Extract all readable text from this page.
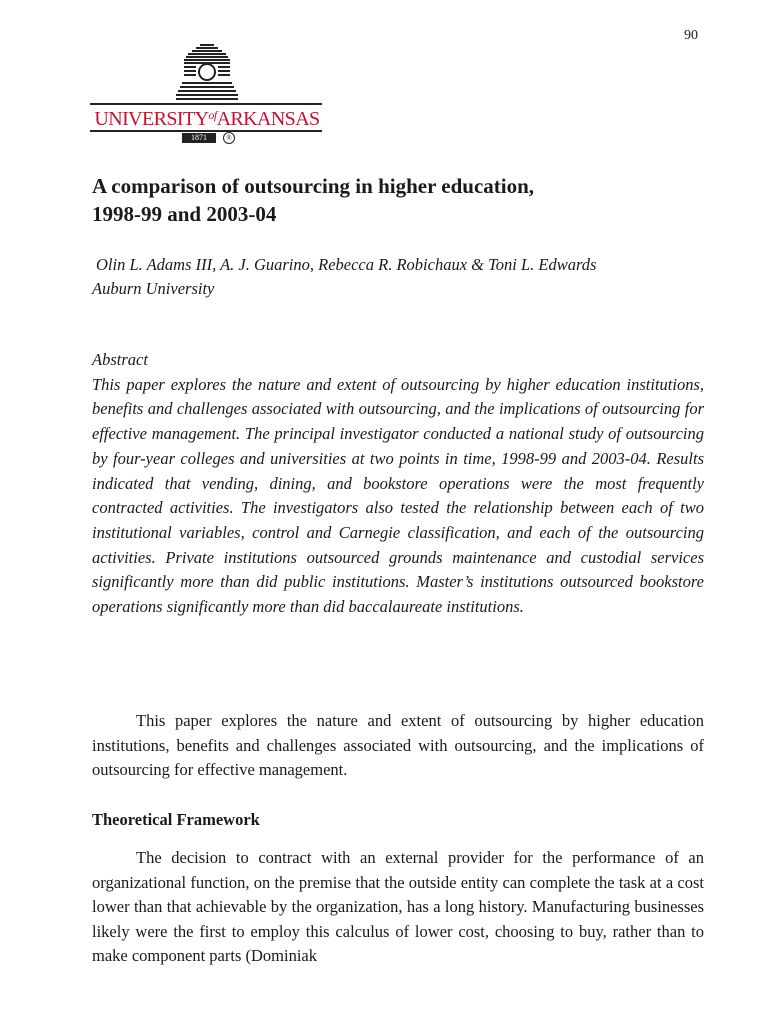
90
$UNIVERSITY^{of}ARKANSAS$
1871	®
A comparison of outsourcing in higher education,
1998-99 and 2003-04
Olin L. Adams III, A. J. Guarino, Rebecca R. Robichaux & Toni L. Edwards
Auburn University
Abstract
This paper explores the nature and extent of outsourcing by higher education institutions, benefits and challenges associated with outsourcing, and the implications of outsourcing for effective management. The principal investigator conducted a national study of outsourcing by four-year colleges and universities at two points in time, 1998-99 and 2003-04. Results indicated that vending, dining, and bookstore operations were the most frequently contracted activities. The investigators also tested the relationship between each of two institutional variables, control and Carnegie classification, and each of the outsourcing activities. Private institutions outsourced grounds maintenance and custodial services significantly more than did public institutions. Master’s institutions outsourced bookstore operations significantly more than did baccalaureate institutions.

This paper explores the nature and extent of outsourcing by higher education institutions, benefits and challenges associated with outsourcing, and the implications of outsourcing for effective management.

Theoretical Framework

The decision to contract with an external provider for the performance of an organizational function, on the premise that the outside entity can complete the task at a cost lower than that achievable by the organization, has a long history. Manufacturing businesses likely were the first to employ this calculus of lower cost, choosing to buy, rather than to make component parts (Dominiak
